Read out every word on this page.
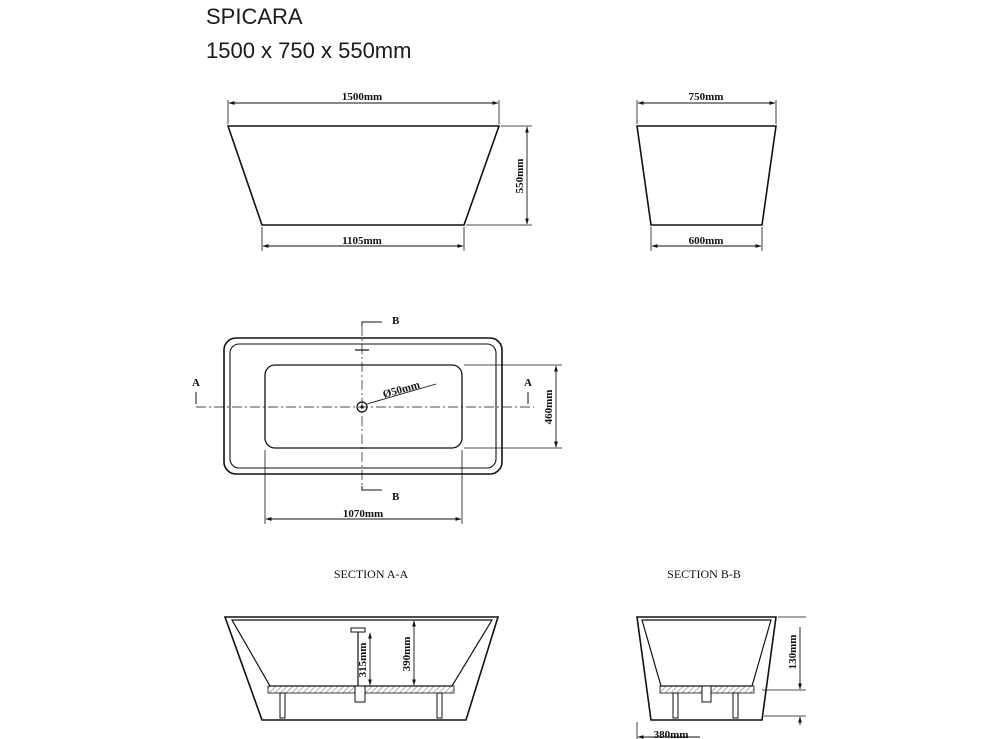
SPICARA
1500 x 750 x 550mm
1500mm
1105mm
550mm
750mm
600mm
Ø50mm
A	A
B
B
460mm
1070mm
SECTION A-A
315mm	390mm
SECTION B-B
130mm
380mm
